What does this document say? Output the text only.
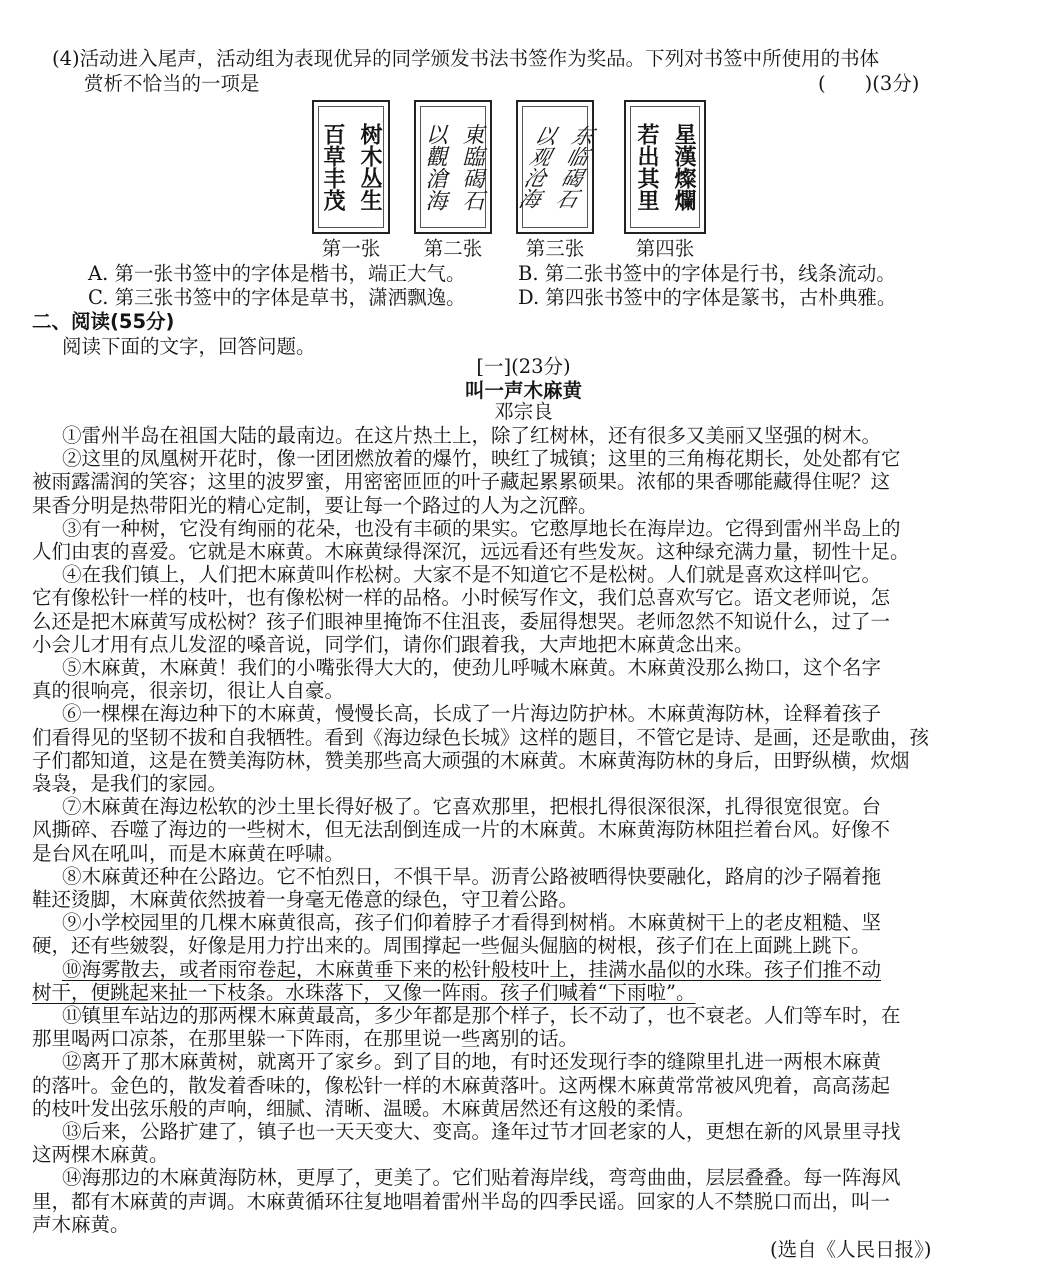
(4)活动进入尾声，活动组为表现优异的同学颁发书法书签作为奖品。下列对书签中所使用的书体
赏析不恰当的一项是	(　　)(3分)
树木丛生
百草丰茂	東臨碣石
以觀滄海	东临碣石
以观沧海	星漢燦爛
若出其里
第一张	第二张	第三张	第四张
A. 第一张书签中的字体是楷书，端正大气。	B. 第二张书签中的字体是行书，线条流动。
C. 第三张书签中的字体是草书，潇洒飘逸。	D. 第四张书签中的字体是篆书，古朴典雅。
二、阅读(55分)
阅读下面的文字，回答问题。
[一](23分)
叫一声木麻黄
邓宗良
①雷州半岛在祖国大陆的最南边。在这片热土上，除了红树林，还有很多又美丽又坚强的树木。
②这里的凤凰树开花时，像一团团燃放着的爆竹，映红了城镇；这里的三角梅花期长，处处都有它
被雨露濡润的笑容；这里的波罗蜜，用密密匝匝的叶子藏起累累硕果。浓郁的果香哪能藏得住呢？这
果香分明是热带阳光的精心定制，要让每一个路过的人为之沉醉。
③有一种树，它没有绚丽的花朵，也没有丰硕的果实。它憨厚地长在海岸边。它得到雷州半岛上的
人们由衷的喜爱。它就是木麻黄。木麻黄绿得深沉，远远看还有些发灰。这种绿充满力量，韧性十足。
④在我们镇上，人们把木麻黄叫作松树。大家不是不知道它不是松树。人们就是喜欢这样叫它。
它有像松针一样的枝叶，也有像松树一样的品格。小时候写作文，我们总喜欢写它。语文老师说，怎
么还是把木麻黄写成松树？孩子们眼神里掩饰不住沮丧，委屈得想哭。老师忽然不知说什么，过了一
小会儿才用有点儿发涩的嗓音说，同学们，请你们跟着我，大声地把木麻黄念出来。
⑤木麻黄，木麻黄！我们的小嘴张得大大的，使劲儿呼喊木麻黄。木麻黄没那么拗口，这个名字
真的很响亮，很亲切，很让人自豪。
⑥一棵棵在海边种下的木麻黄，慢慢长高，长成了一片海边防护林。木麻黄海防林，诠释着孩子
们看得见的坚韧不拔和自我牺牲。看到《海边绿色长城》这样的题目，不管它是诗、是画，还是歌曲，孩
子们都知道，这是在赞美海防林，赞美那些高大顽强的木麻黄。木麻黄海防林的身后，田野纵横，炊烟
袅袅，是我们的家园。
⑦木麻黄在海边松软的沙土里长得好极了。它喜欢那里，把根扎得很深很深，扎得很宽很宽。台
风撕碎、吞噬了海边的一些树木，但无法刮倒连成一片的木麻黄。木麻黄海防林阻拦着台风。好像不
是台风在吼叫，而是木麻黄在呼啸。
⑧木麻黄还种在公路边。它不怕烈日，不惧干旱。沥青公路被晒得快要融化，路肩的沙子隔着拖
鞋还烫脚，木麻黄依然披着一身毫无倦意的绿色，守卫着公路。
⑨小学校园里的几棵木麻黄很高，孩子们仰着脖子才看得到树梢。木麻黄树干上的老皮粗糙、坚
硬，还有些皴裂，好像是用力拧出来的。周围撑起一些倔头倔脑的树根，孩子们在上面跳上跳下。
⑩海雾散去，或者雨帘卷起，木麻黄垂下来的松针般枝叶上，挂满水晶似的水珠。孩子们推不动
树干，便跳起来扯一下枝条。水珠落下，又像一阵雨。孩子们喊着“下雨啦”。
⑪镇里车站边的那两棵木麻黄最高，多少年都是那个样子，长不动了，也不衰老。人们等车时，在
那里喝两口凉茶，在那里躲一下阵雨，在那里说一些离别的话。
⑫离开了那木麻黄树，就离开了家乡。到了目的地，有时还发现行李的缝隙里扎进一两根木麻黄
的落叶。金色的，散发着香味的，像松针一样的木麻黄落叶。这两棵木麻黄常常被风兜着，高高荡起
的枝叶发出弦乐般的声响，细腻、清晰、温暖。木麻黄居然还有这般的柔情。
⑬后来，公路扩建了，镇子也一天天变大、变高。逢年过节才回老家的人，更想在新的风景里寻找
这两棵木麻黄。
⑭海那边的木麻黄海防林，更厚了，更美了。它们贴着海岸线，弯弯曲曲，层层叠叠。每一阵海风
里，都有木麻黄的声调。木麻黄循环往复地唱着雷州半岛的四季民谣。回家的人不禁脱口而出，叫一
声木麻黄。
(选自《人民日报》)
